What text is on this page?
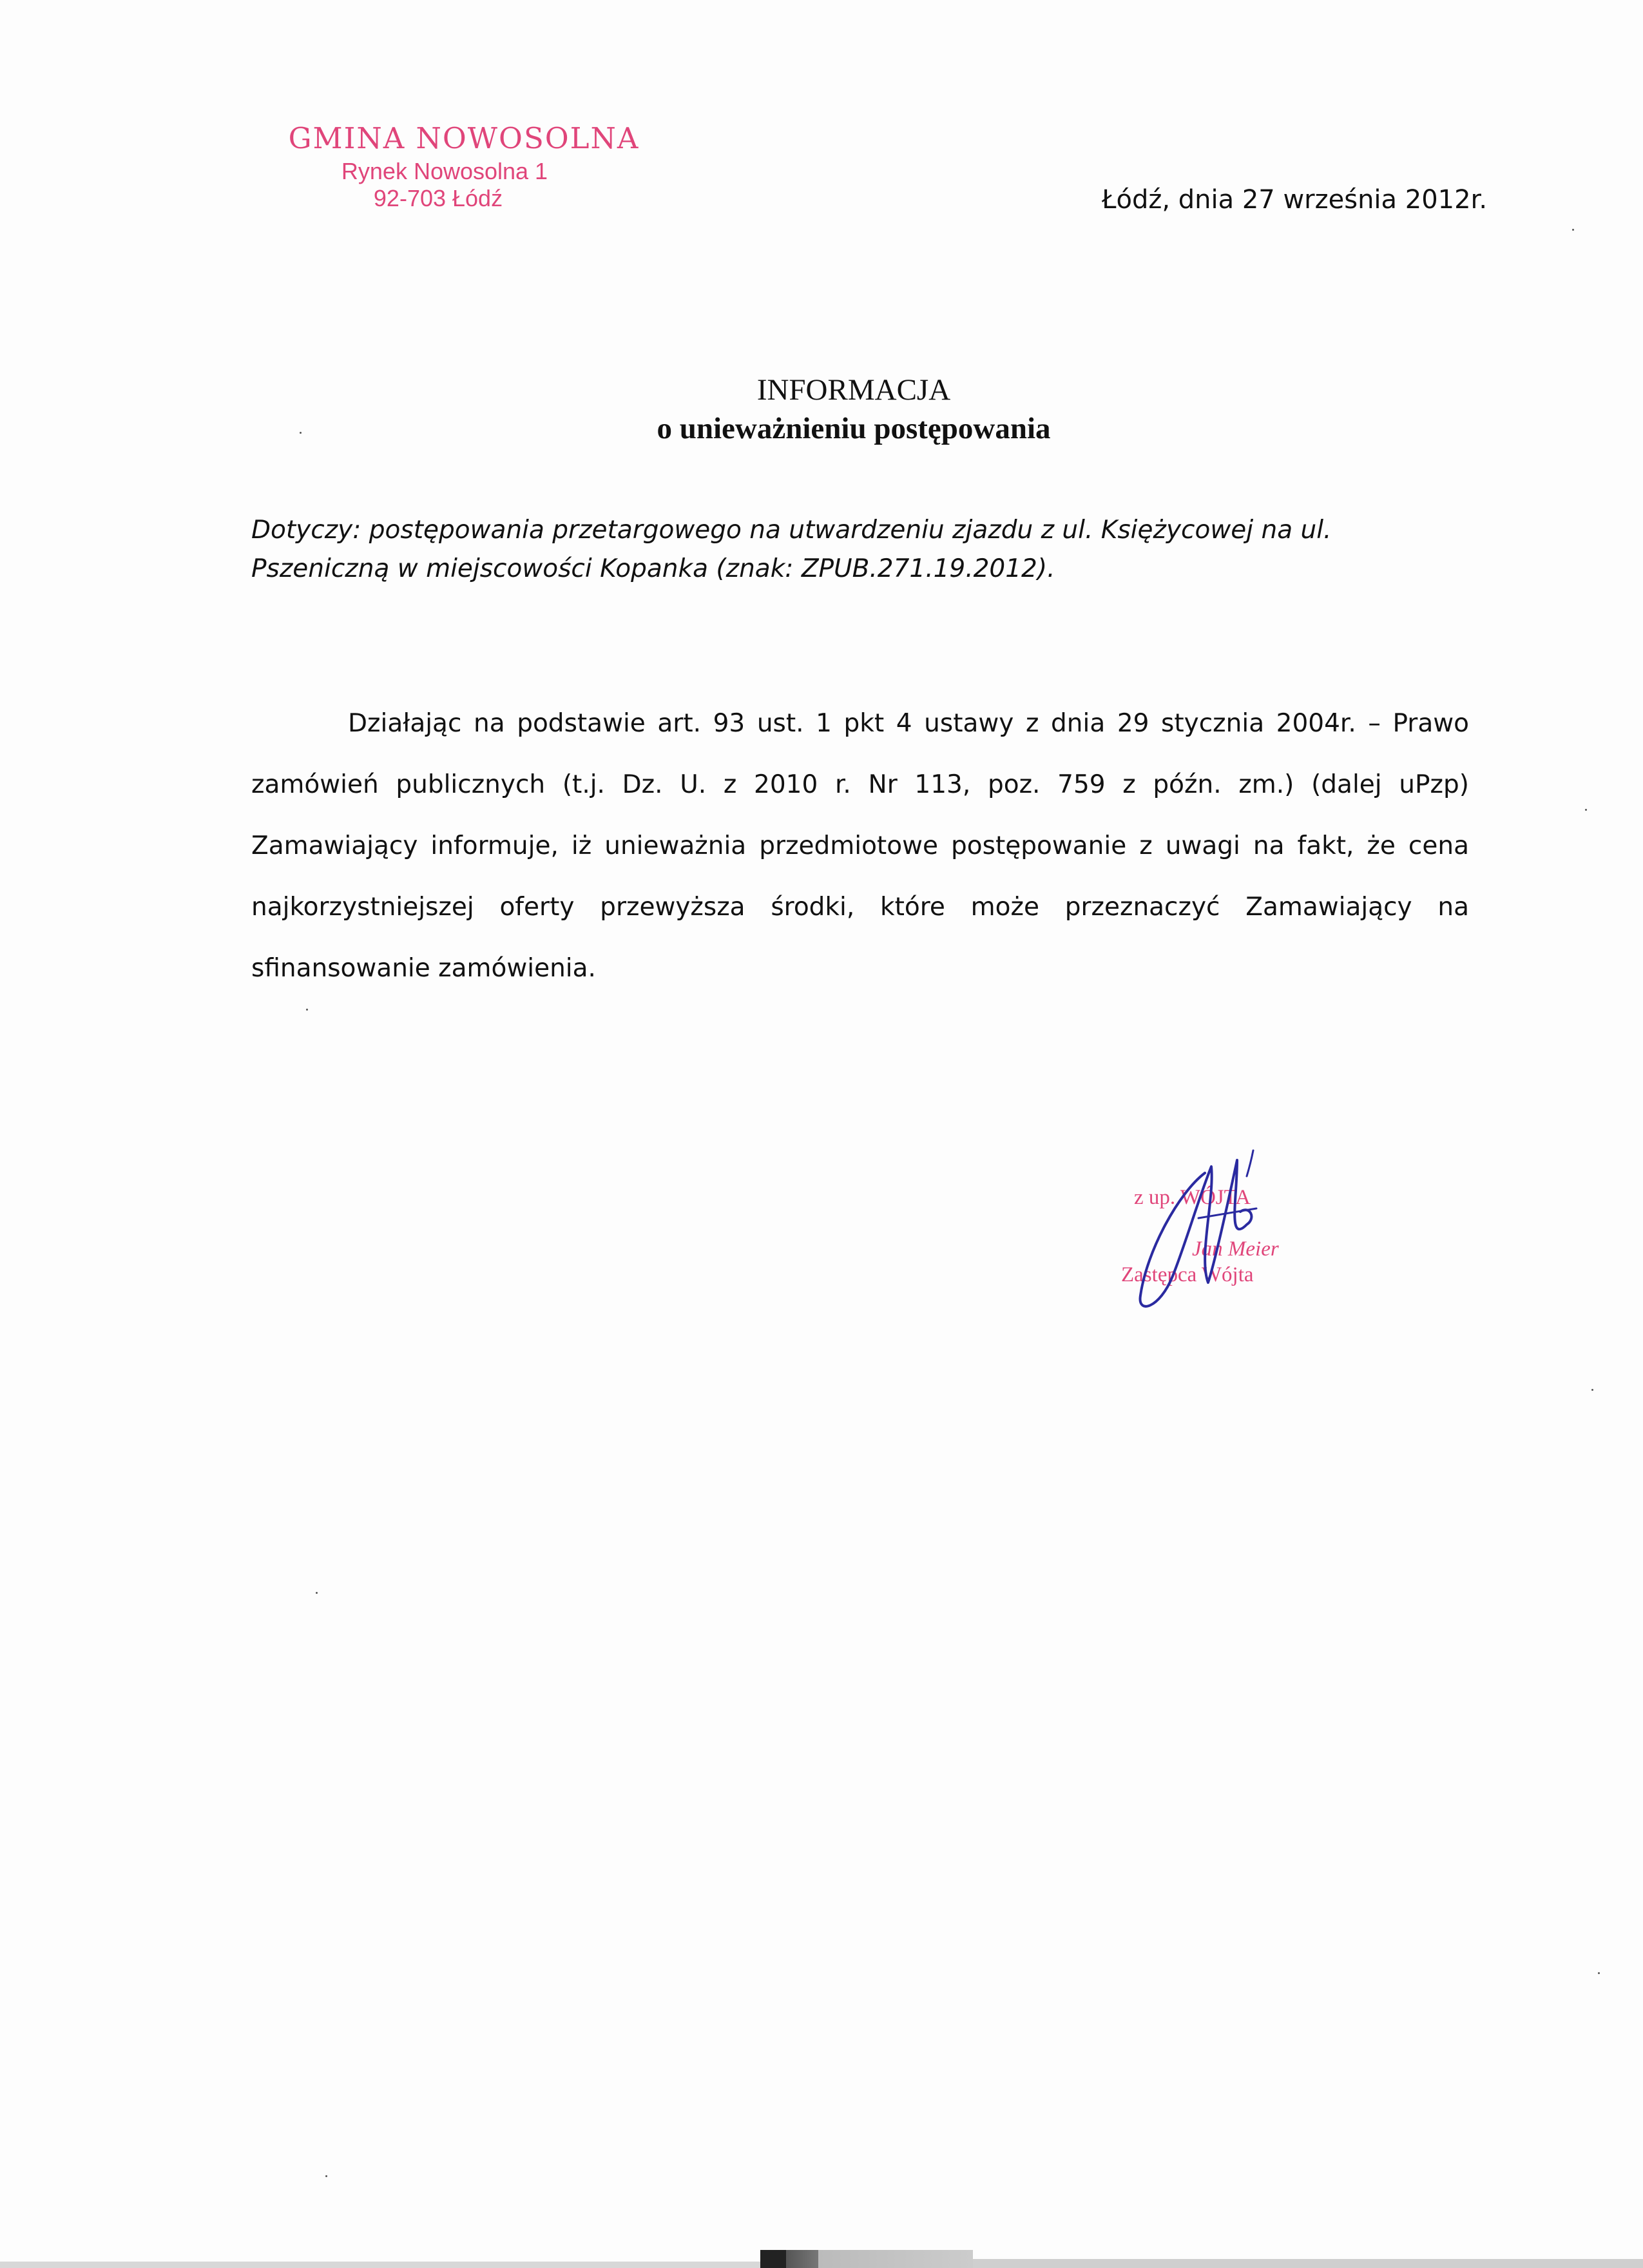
GMINA NOWOSOLNA
Rynek Nowosolna 1
92-703 Łódź	Łódź, dnia 27 września 2012r.
INFORMACJA
o unieważnieniu postępowania
Dotyczy: postępowania przetargowego na utwardzeniu zjazdu z ul. Księżycowej na ul. Pszeniczną w miejscowości Kopanka (znak: ZPUB.271.19.2012).
Działając na podstawie art. 93 ust. 1 pkt 4 ustawy z dnia 29 stycznia 2004r. – Prawo zamówień publicznych (t.j. Dz. U. z 2010 r. Nr 113, poz. 759 z późn. zm.) (dalej uPzp) Zamawiający informuje, iż unieważnia przedmiotowe postępowanie z uwagi na fakt, że cena najkorzystniejszej oferty przewyższa środki, które może przeznaczyć Zamawiający na sfinansowanie zamówienia.
z up. WÓJTA
Jan Meier
Zastępca Wójta
